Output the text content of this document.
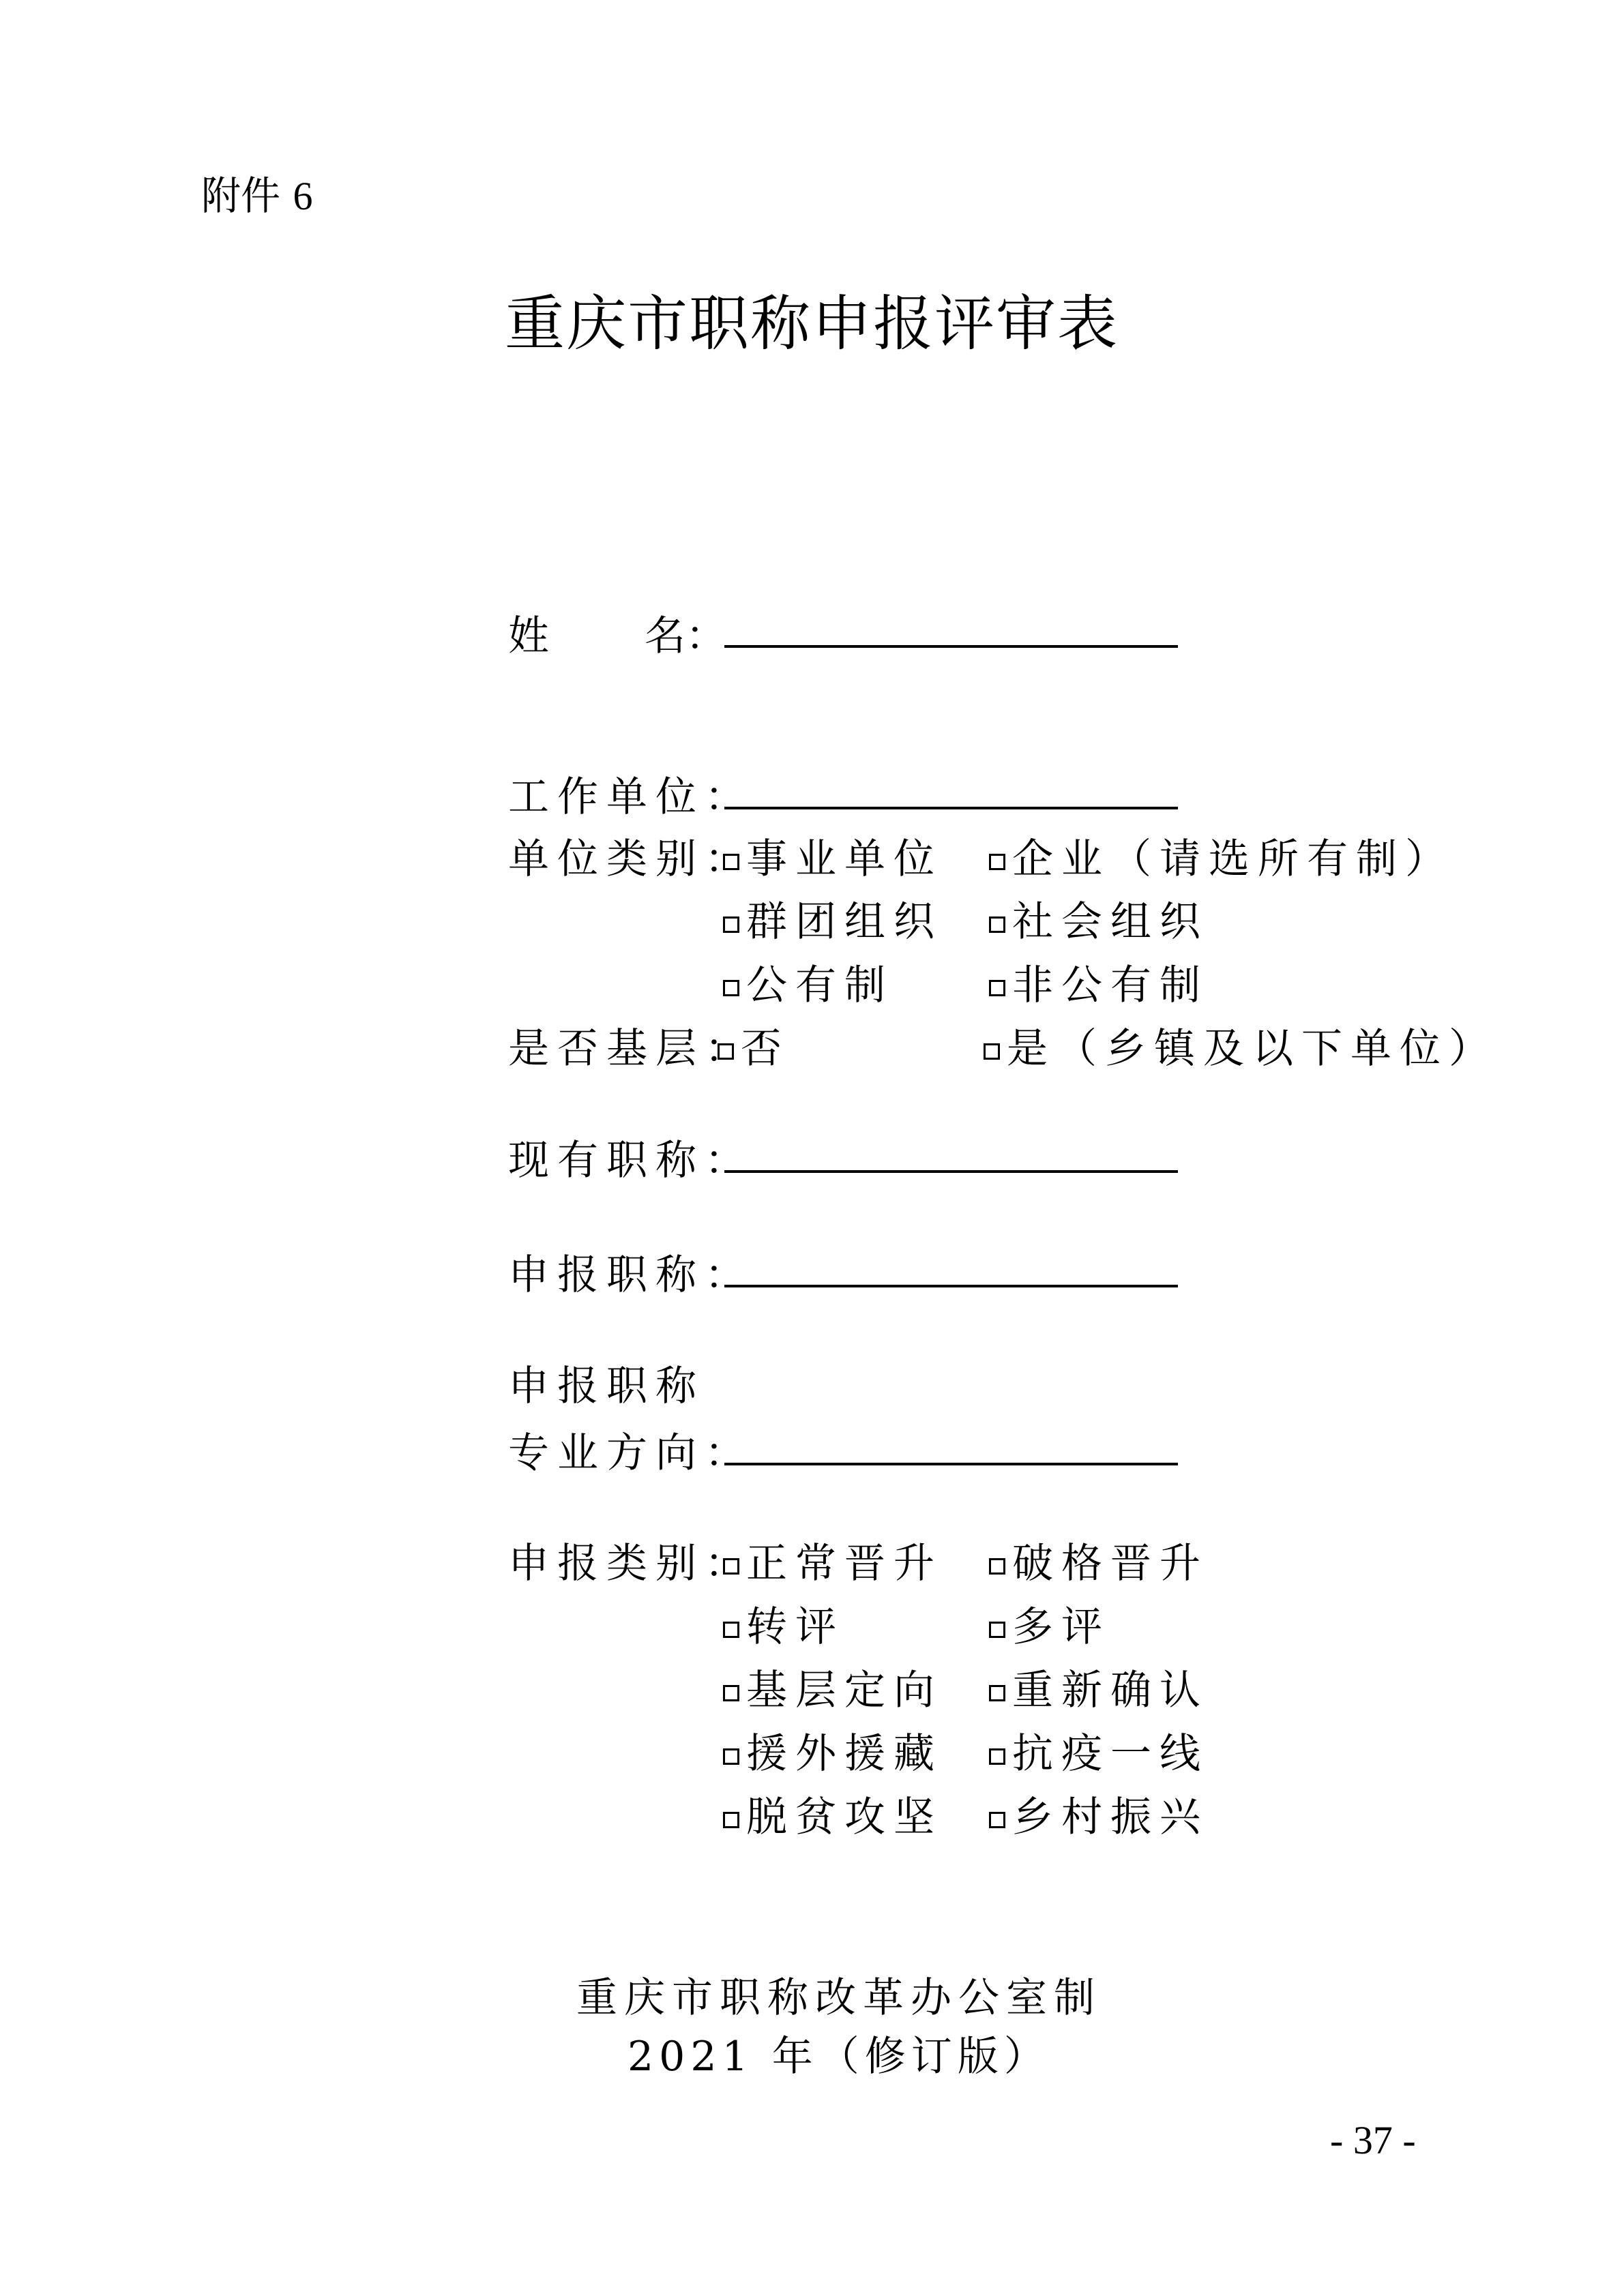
附件 6
重庆市职称申报评审表
姓 名：
工作单位：
单位类别：
事业单位	企业（请选所有制）
群团组织	社会组织
公有制	非公有制
是否基层：
否	是（乡镇及以下单位）
现有职称：
申报职称：
申报职称
专业方向：
申报类别：
正常晋升	破格晋升
转评	多评
基层定向	重新确认
援外援藏	抗疫一线
脱贫攻坚	乡村振兴
重庆市职称改革办公室制
2021 年（修订版）
- 37 -
